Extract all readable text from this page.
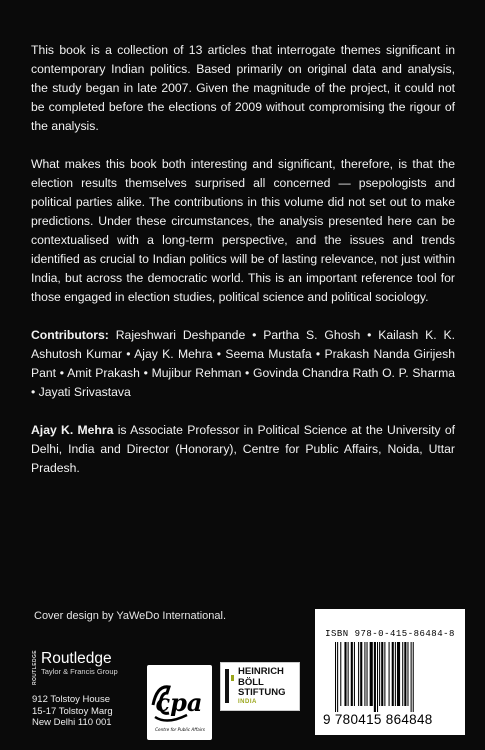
This book is a collection of 13 articles that interrogate themes significant in contemporary Indian politics. Based primarily on original data and analysis, the study began in late 2007. Given the magnitude of the project, it could not be completed before the elections of 2009 without compromising the rigour of the analysis.

What makes this book both interesting and significant, therefore, is that the election results themselves surprised all concerned — psepologists and political parties alike. The contributions in this volume did not set out to make predictions. Under these circumstances, the analysis presented here can be contextualised with a long-term perspective, and the issues and trends identified as crucial to Indian politics will be of lasting relevance, not just within India, but across the democratic world. This is an important reference tool for those engaged in election studies, political science and political sociology.

Contributors: Rajeshwari Deshpande • Partha S. Ghosh • Kailash K. K. Ashutosh Kumar • Ajay K. Mehra • Seema Mustafa • Prakash Nanda Girijesh Pant • Amit Prakash • Mujibur Rehman • Govinda Chandra Rath O. P. Sharma • Jayati Srivastava

Ajay K. Mehra is Associate Professor in Political Science at the University of Delhi, India and Director (Honorary), Centre for Public Affairs, Noida, Uttar Pradesh.

Cover design by YaWeDo International.
ROUTLEDGE Routledge
Taylor & Francis Group
912 Tolstoy House
15-17 Tolstoy Marg
New Delhi 110 001
cpa
Centre for Public Affairs
HEINRICH
BÖLL
STIFTUNG
INDIA
ISBN 978-0-415-86484-8
9 780415 864848
